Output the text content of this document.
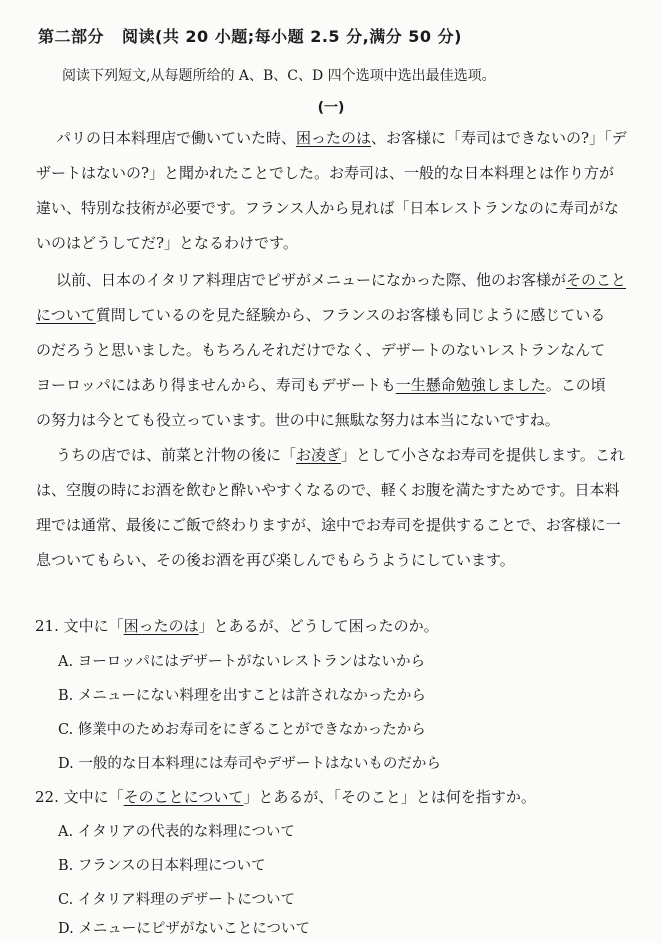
第二部分 阅读(共 20 小题;每小题 2.5 分,满分 50 分)
阅读下列短文,从每题所给的 A、B、C、D 四个选项中选出最佳选项。
(一)
パリの日本料理店で働いていた時、困ったのは、お客様に「寿司はできないの?」「デ
ザートはないの?」と聞かれたことでした。お寿司は、一般的な日本料理とは作り方が
違い、特別な技術が必要です。フランス人から見れば「日本レストランなのに寿司がな
いのはどうしてだ?」となるわけです。
以前、日本のイタリア料理店でピザがメニューになかった際、他のお客様がそのこと
について質問しているのを見た経験から、フランスのお客様も同じように感じている
のだろうと思いました。もちろんそれだけでなく、デザートのないレストランなんて
ヨーロッパにはあり得ませんから、寿司もデザートも一生懸命勉強しました。この頃
の努力は今とても役立っています。世の中に無駄な努力は本当にないですね。
うちの店では、前菜と汁物の後に「お凌ぎ」として小さなお寿司を提供します。これ
は、空腹の時にお酒を飲むと酔いやすくなるので、軽くお腹を満たすためです。日本料
理では通常、最後にご飯で終わりますが、途中でお寿司を提供することで、お客様に一
息ついてもらい、その後お酒を再び楽しんでもらうようにしています。
21. 文中に「困ったのは」とあるが、どうして困ったのか。
A. ヨーロッパにはデザートがないレストランはないから
B. メニューにない料理を出すことは許されなかったから
C. 修業中のためお寿司をにぎることができなかったから
D. 一般的な日本料理には寿司やデザートはないものだから
22. 文中に「そのことについて」とあるが、「そのこと」とは何を指すか。
A. イタリアの代表的な料理について
B. フランスの日本料理について
C. イタリア料理のデザートについて
D. メニューにピザがないことについて
